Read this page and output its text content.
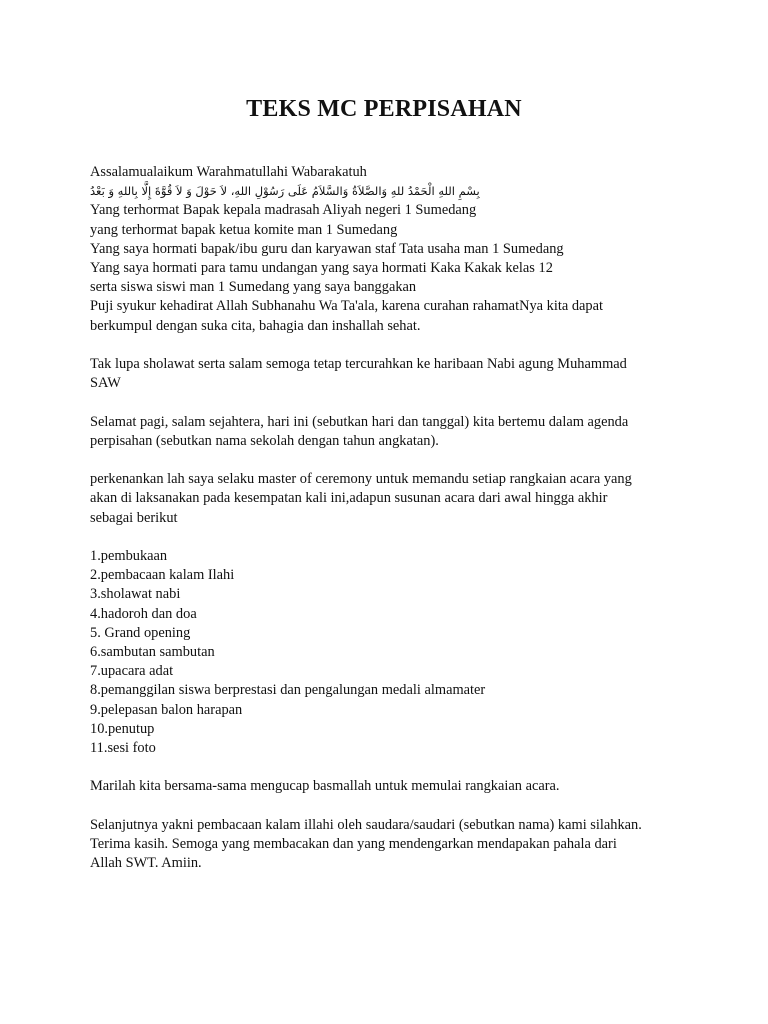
TEKS MC PERPISAHAN
Assalamualaikum Warahmatullahi Wabarakatuh
بِسْمِ اللهِ الْحَمْدُ للهِ وَالصَّلاَةُ وَالسَّلاَمُ عَلَى رَسُوْلِ اللهِ، لاَ حَوْلَ وَ لاَ قُوَّةَ إِلَّا بِاللهِ وَ بَعْدُ
Yang terhormat Bapak kepala madrasah Aliyah negeri 1 Sumedang
yang terhormat bapak ketua komite man 1 Sumedang
Yang saya hormati bapak/ibu guru dan karyawan staf Tata usaha man 1 Sumedang
Yang saya hormati para tamu undangan yang saya hormati Kaka Kakak kelas 12
serta siswa siswi man 1 Sumedang yang saya banggakan
Puji syukur kehadirat Allah Subhanahu Wa Ta'ala, karena curahan rahamatNya kita dapat
berkumpul dengan suka cita, bahagia dan inshallah sehat.
Tak lupa sholawat serta salam semoga tetap tercurahkan ke haribaan Nabi agung Muhammad
SAW
Selamat pagi, salam sejahtera, hari ini (sebutkan hari dan tanggal) kita bertemu dalam agenda
perpisahan (sebutkan nama sekolah dengan tahun angkatan).
perkenankan lah saya selaku master of ceremony untuk memandu setiap rangkaian acara yang
akan di laksanakan pada kesempatan kali ini,adapun susunan acara dari awal hingga akhir
sebagai berikut
1.pembukaan
2.pembacaan kalam Ilahi
3.sholawat nabi
4.hadoroh dan doa
5. Grand opening
6.sambutan sambutan
7.upacara adat
8.pemanggilan siswa berprestasi dan pengalungan medali almamater
9.pelepasan balon harapan
10.penutup
11.sesi foto
Marilah kita bersama-sama mengucap basmallah untuk memulai rangkaian acara.
Selanjutnya yakni pembacaan kalam illahi oleh saudara/saudari (sebutkan nama) kami silahkan.
Terima kasih. Semoga yang membacakan dan yang mendengarkan mendapakan pahala dari
Allah SWT. Amiin.
